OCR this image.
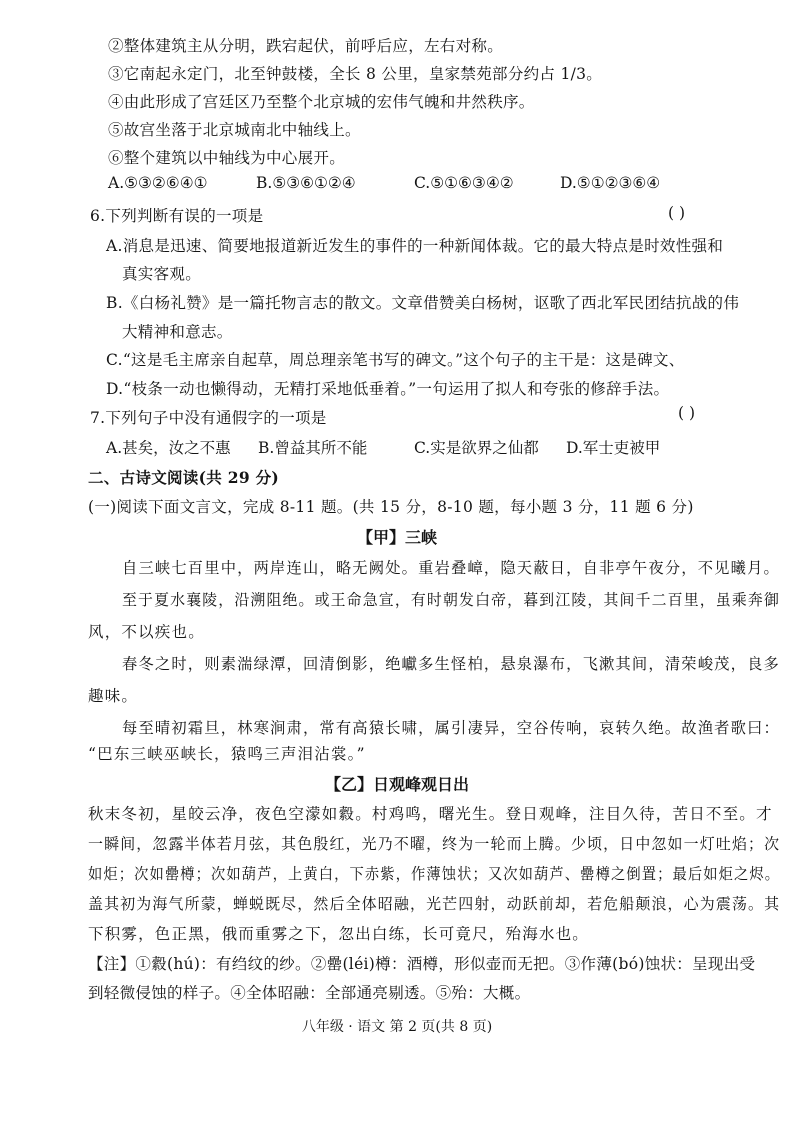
②整体建筑主从分明，跌宕起伏，前呼后应，左右对称。
③它南起永定门，北至钟鼓楼，全长 8 公里，皇家禁苑部分约占 1/3。
④由此形成了宫廷区乃至整个北京城的宏伟气魄和井然秩序。
⑤故宫坐落于北京城南北中轴线上。
⑥整个建筑以中轴线为中心展开。
A.⑤③②⑥④①	B.⑤③⑥①②④	C.⑤①⑥③④②	D.⑤①②③⑥④
6.下列判断有误的一项是	( )
A.消息是迅速、简要地报道新近发生的事件的一种新闻体裁。它的最大特点是时效性强和
真实客观。
B.《白杨礼赞》是一篇托物言志的散文。文章借赞美白杨树，讴歌了西北军民团结抗战的伟
大精神和意志。
C.“这是毛主席亲自起草，周总理亲笔书写的碑文。”这个句子的主干是：这是碑文、
D.“枝条一动也懒得动，无精打采地低垂着。”一句运用了拟人和夸张的修辞手法。
7.下列句子中没有通假字的一项是	( )
A.甚矣，汝之不惠	B.曾益其所不能	C.实是欲界之仙都	D.军士吏被甲
二、古诗文阅读(共 29 分)
(一)阅读下面文言文，完成 8-11 题。(共 15 分，8-10 题，每小题 3 分，11 题 6 分)
【甲】三峡
自三峡七百里中，两岸连山，略无阙处。重岩叠嶂，隐天蔽日，自非亭午夜分，不见曦月。
至于夏水襄陵，沿溯阻绝。或王命急宣，有时朝发白帝，暮到江陵，其间千二百里，虽乘奔御
风，不以疾也。
春冬之时，则素湍绿潭，回清倒影，绝巘多生怪柏，悬泉瀑布，飞漱其间，清荣峻茂，良多
趣味。
每至晴初霜旦，林寒涧肃，常有高猿长啸，属引凄异，空谷传响，哀转久绝。故渔者歌曰：
“巴东三峡巫峡长，猿鸣三声泪沾裳。”
【乙】日观峰观日出
秋末冬初，星皎云净，夜色空濛如縠。村鸡鸣，曙光生。登日观峰，注目久待，苦日不至。才
一瞬间，忽露半体若月弦，其色殷红，光乃不曜，终为一轮而上腾。少顷，日中忽如一灯吐焰；次
如炬；次如罍樽；次如葫芦，上黄白，下赤紫，作薄蚀状；又次如葫芦、罍樽之倒置；最后如炬之烬。
盖其初为海气所蒙，蝉蜕既尽，然后全体昭融，光芒四射，动跃前却，若危船颠浪，心为震荡。其
下积雾，色正黑，俄而重雾之下，忽出白练，长可竟尺，殆海水也。
【注】①縠(hú)：有绉纹的纱。②罍(léi)樽：酒樽，形似壶而无把。③作薄(bó)蚀状：呈现出受
到轻微侵蚀的样子。④全体昭融：全部通亮剔透。⑤殆：大概。
八年级 · 语文 第 2 页(共 8 页)
